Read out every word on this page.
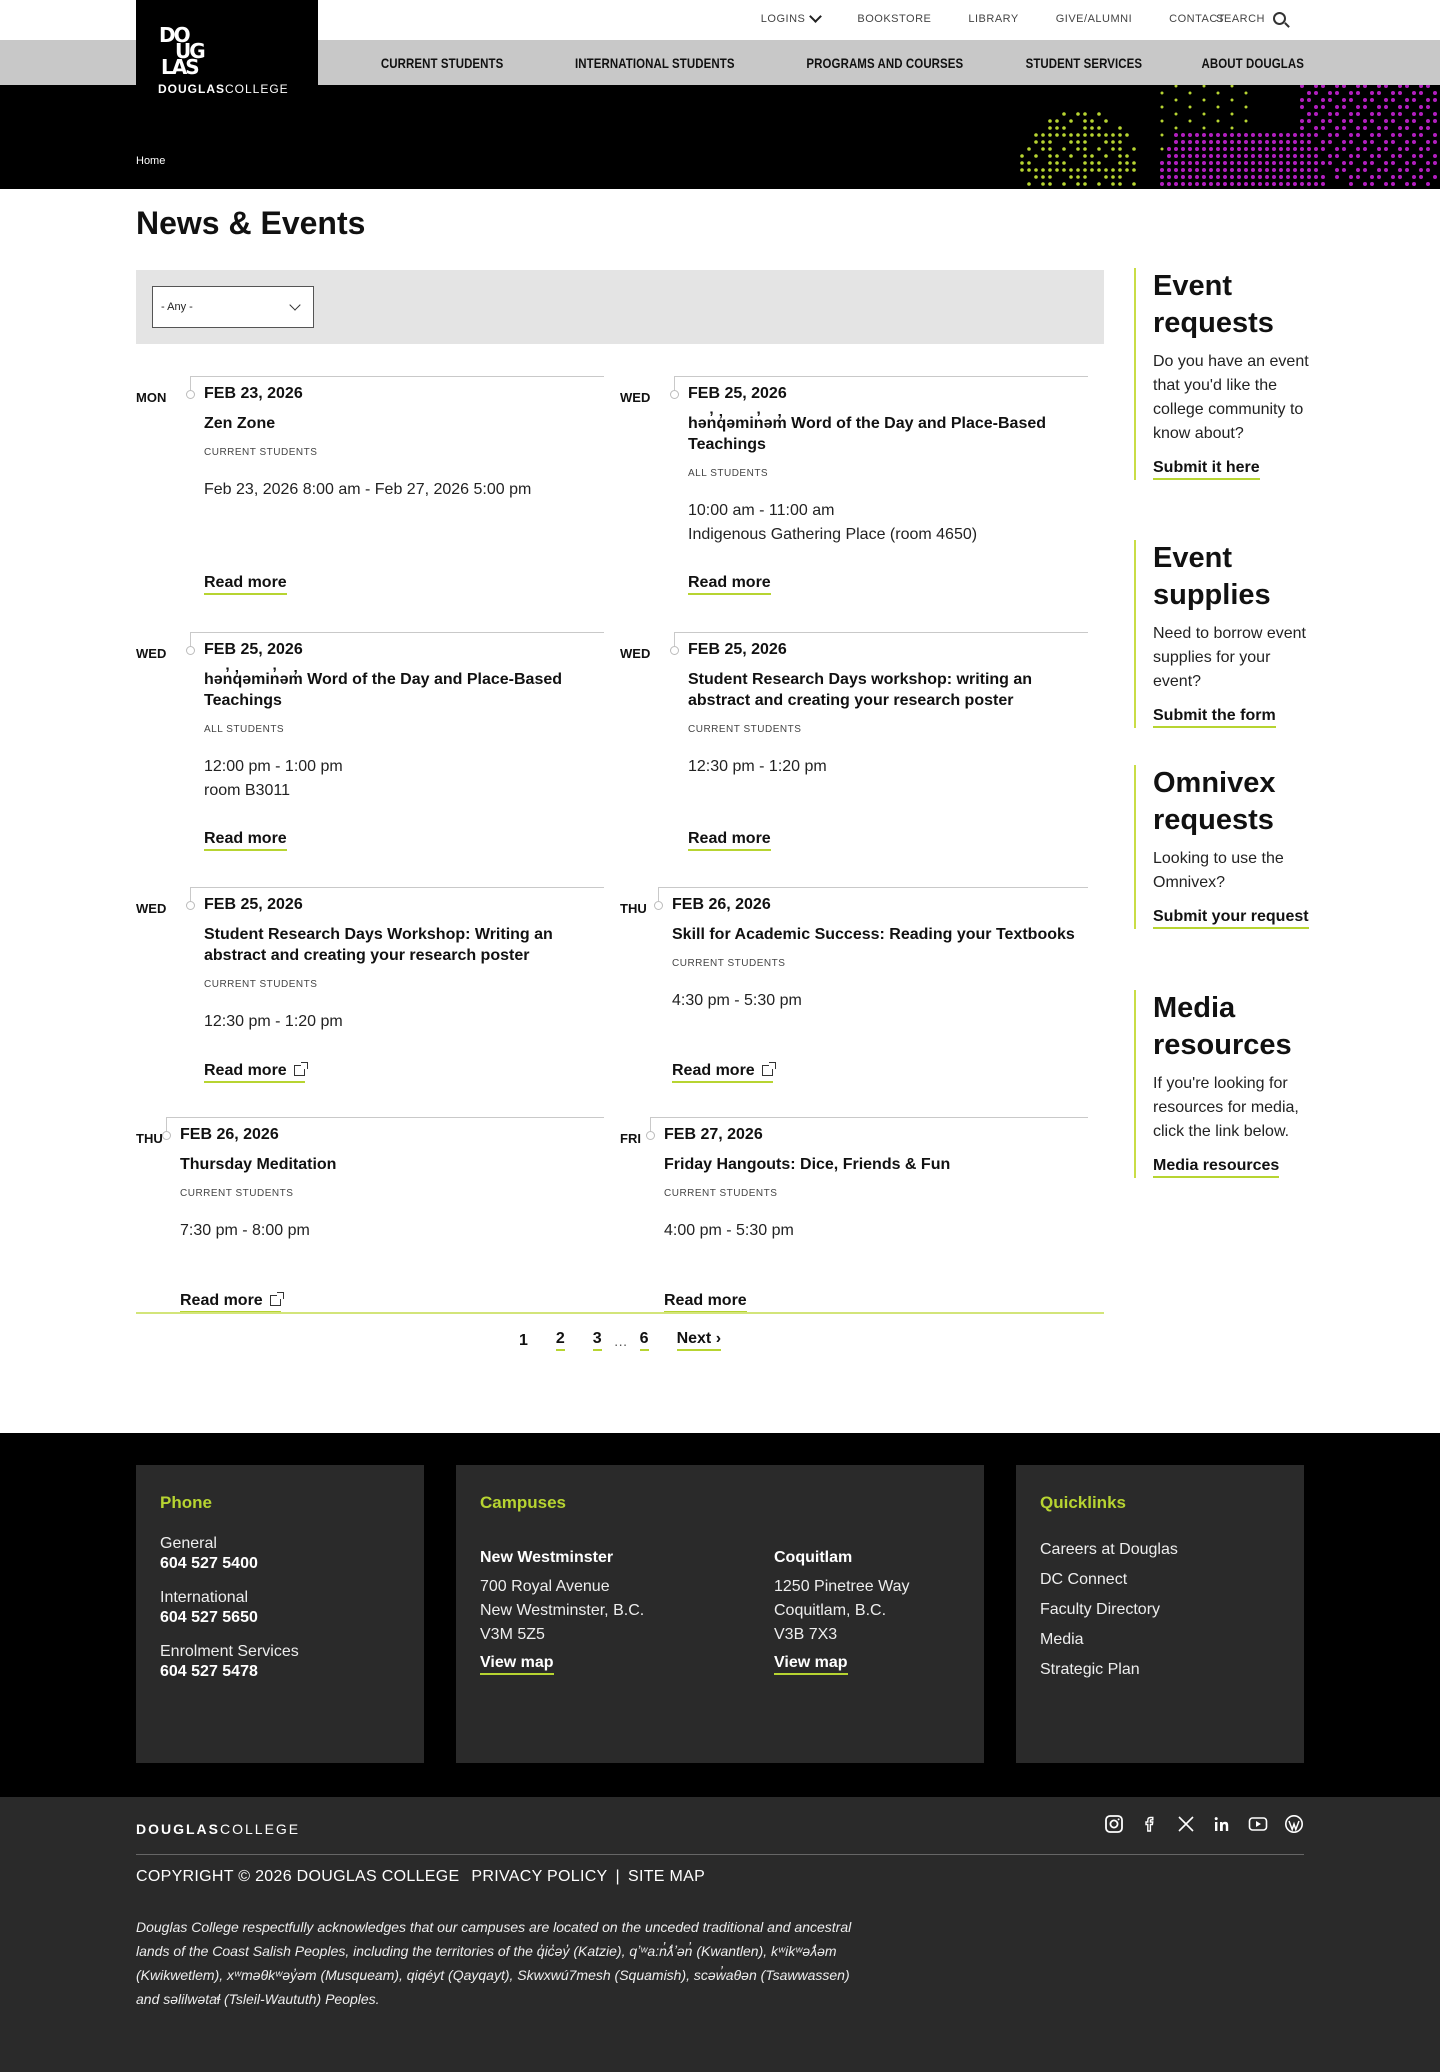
LOGINS	BOOKSTORE	LIBRARY	GIVE/ALUMNI	CONTACT
SEARCH
CURRENT STUDENTS	INTERNATIONAL STUDENTS	PROGRAMS AND COURSES	STUDENT SERVICES	ABOUT DOUGLAS
DO
UG
LAS
DOUGLASCOLLEGE
Home
News & Events
- Any -
MON FEB 23, 2026
Zen Zone
CURRENT STUDENTS
Feb 23, 2026 8:00 am - Feb 27, 2026 5:00 pm
Read more
WED FEB 25, 2026
hən̓q̓əmin̓əm̓ Word of the Day and Place-Based Teachings
ALL STUDENTS
10:00 am - 11:00 am
Indigenous Gathering Place (room 4650)
Read more
WED FEB 25, 2026
hən̓q̓əmin̓əm̓ Word of the Day and Place-Based Teachings
ALL STUDENTS
12:00 pm - 1:00 pm
room B3011
Read more
WED FEB 25, 2026
Student Research Days workshop: writing an abstract and creating your research poster
CURRENT STUDENTS
12:30 pm - 1:20 pm
Read more
WED FEB 25, 2026
Student Research Days Workshop: Writing an abstract and creating your research poster
CURRENT STUDENTS
12:30 pm - 1:20 pm
Read more
THU FEB 26, 2026
Skill for Academic Success: Reading your Textbooks
CURRENT STUDENTS
4:30 pm - 5:30 pm
Read more
THU FEB 26, 2026
Thursday Meditation
CURRENT STUDENTS
7:30 pm - 8:00 pm
Read more
FRI FEB 27, 2026
Friday Hangouts: Dice, Friends & Fun
CURRENT STUDENTS
4:00 pm - 5:30 pm
Read more
1 2 3 … 6 Next ›
Event requests

Do you have an event that you'd like the college community to know about?

Submit it here
Event supplies

Need to borrow event supplies for your event?

Submit the form
Omnivex requests

Looking to use the Omnivex?

Submit your request
Media resources

If you're looking for resources for media, click the link below.

Media resources
Phone
General
604 527 5400
International
604 527 5650
Enrolment Services
604 527 5478
Campuses
New Westminster
700 Royal Avenue
New Westminster, B.C.
V3M 5Z5
View map
Coquitlam
1250 Pinetree Way
Coquitlam, B.C.
V3B 7X3
View map
Quicklinks
Careers at Douglas
DC Connect
Faculty Directory
Media
Strategic Plan
DOUGLASCOLLEGE
COPYRIGHT © 2026 DOUGLAS COLLEGE PRIVACY POLICY | SITE MAP
Douglas College respectfully acknowledges that our campuses are located on the unceded traditional and ancestral lands of the Coast Salish Peoples, including the territories of the q̓ic̓əy̓ (Katzie), qʼʷa:n̓ƛ̓ʼən̓ (Kwantlen), kʷikʷəƛ̓əm (Kwikwetlem), xʷməθkʷəy̓əm (Musqueam), qiqéyt (Qayqayt), Skwxwú7mesh (Squamish), scəw̓aθən (Tsawwassen) and səlilwətaɬ (Tsleil-Waututh) Peoples.
